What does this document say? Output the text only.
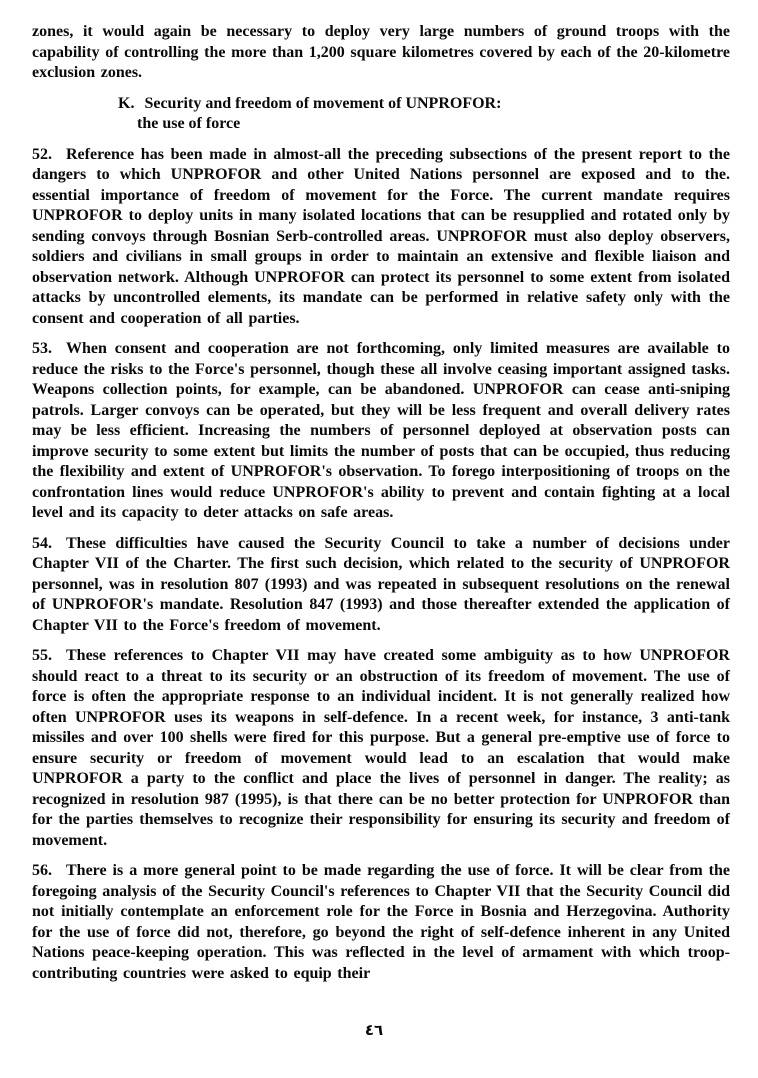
zones, it would again be necessary to deploy very large numbers of ground troops with the capability of controlling the more than 1,200 square kilometres covered by each of the 20-kilometre exclusion zones.

K. Security and freedom of movement of UNPROFOR:
the use of force

52. Reference has been made in almost-all the preceding subsections of the present report to the dangers to which UNPROFOR and other United Nations personnel are exposed and to the. essential importance of freedom of movement for the Force. The current mandate requires UNPROFOR to deploy units in many isolated locations that can be resupplied and rotated only by sending convoys through Bosnian Serb-controlled areas. UNPROFOR must also deploy observers, soldiers and civilians in small groups in order to maintain an extensive and flexible liaison and observation network. Although UNPROFOR can protect its personnel to some extent from isolated attacks by uncontrolled elements, its mandate can be performed in relative safety only with the consent and cooperation of all parties.

53. When consent and cooperation are not forthcoming, only limited measures are available to reduce the risks to the Force's personnel, though these all involve ceasing important assigned tasks. Weapons collection points, for example, can be abandoned. UNPROFOR can cease anti-sniping patrols. Larger convoys can be operated, but they will be less frequent and overall delivery rates may be less efficient. Increasing the numbers of personnel deployed at observation posts can improve security to some extent but limits the number of posts that can be occupied, thus reducing the flexibility and extent of UNPROFOR's observation. To forego interpositioning of troops on the confrontation lines would reduce UNPROFOR's ability to prevent and contain fighting at a local level and its capacity to deter attacks on safe areas.

54. These difficulties have caused the Security Council to take a number of decisions under Chapter VII of the Charter. The first such decision, which related to the security of UNPROFOR personnel, was in resolution 807 (1993) and was repeated in subsequent resolutions on the renewal of UNPROFOR's mandate. Resolution 847 (1993) and those thereafter extended the application of Chapter VII to the Force's freedom of movement.

55. These references to Chapter VII may have created some ambiguity as to how UNPROFOR should react to a threat to its security or an obstruction of its freedom of movement. The use of force is often the appropriate response to an individual incident. It is not generally realized how often UNPROFOR uses its weapons in self-defence. In a recent week, for instance, 3 anti-tank missiles and over 100 shells were fired for this purpose. But a general pre-emptive use of force to ensure security or freedom of movement would lead to an escalation that would make UNPROFOR a party to the conflict and place the lives of personnel in danger. The reality; as recognized in resolution 987 (1995), is that there can be no better protection for UNPROFOR than for the parties themselves to recognize their responsibility for ensuring its security and freedom of movement.

56. There is a more general point to be made regarding the use of force. It will be clear from the foregoing analysis of the Security Council's references to Chapter VII that the Security Council did not initially contemplate an enforcement role for the Force in Bosnia and Herzegovina. Authority for the use of force did not, therefore, go beyond the right of self-defence inherent in any United Nations peace-keeping operation. This was reflected in the level of armament with which troop-contributing countries were asked to equip their

٤٦
